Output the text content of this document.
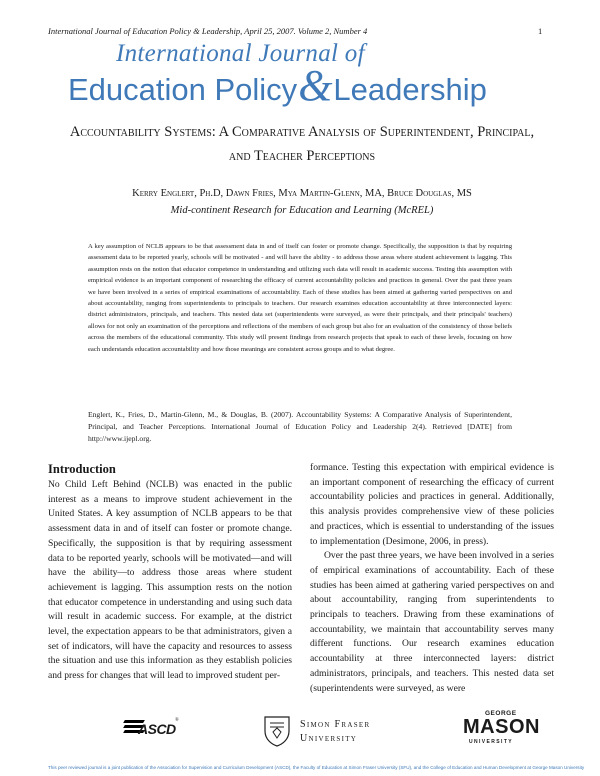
International Journal of Education Policy & Leadership, April 25, 2007. Volume 2, Number 4	1
International Journal of
Education Policy&Leadership
Accountability Systems: A Comparative Analysis of Superintendent, Principal,
and Teacher Perceptions
Kerry Englert, Ph.D, Dawn Fries, Mya Martin-Glenn, MA, Bruce Douglas, MS
Mid-continent Research for Education and Learning (McREL)
A key assumption of NCLB appears to be that assessment data in and of itself can foster or promote change. Specifically, the supposition is that by requiring assessment data to be reported yearly, schools will be motivated - and will have the ability - to address those areas where student achievement is lagging. This assumption rests on the notion that educator competence in understanding and utilizing such data will result in academic success. Testing this assumption with empirical evidence is an important component of researching the efficacy of current accountability policies and practices in general. Over the past three years we have been involved in a series of empirical examinations of accountability. Each of these studies has been aimed at gathering varied perspectives on and about accountability, ranging from superintendents to principals to teachers. Our research examines education accountability at three interconnected layers: district administrators, principals, and teachers. This nested data set (superintendents were surveyed, as were their principals, and their principals' teachers) allows for not only an examination of the perceptions and reflections of the members of each group but also for an evaluation of the consistency of those beliefs across the members of the educational community. This study will present findings from research projects that speak to each of these levels, focusing on how each understands education accountability and how those meanings are consistent across groups and to what degree.
Englert, K., Fries, D., Martin-Glenn, M., & Douglas, B. (2007). Accountability Systems: A Comparative Analysis of Superintendent, Principal, and Teacher Perceptions. International Journal of Education Policy and Leadership 2(4). Retrieved [DATE] from http://www.ijepl.org.
Introduction

No Child Left Behind (NCLB) was enacted in the public interest as a means to improve student achievement in the United States. A key assumption of NCLB appears to be that assessment data in and of itself can foster or promote change. Specifically, the supposition is that by requiring assessment data to be reported yearly, schools will be motivated—and will have the ability—to address those areas where student achievement is lagging. This assumption rests on the notion that educator competence in understanding and using such data will result in academic success. For example, at the district level, the expectation appears to be that administrators, given a set of indicators, will have the capacity and resources to assess the situation and use this information as they establish policies and press for changes that will lead to improved student per-

formance. Testing this expectation with empirical evidence is an important component of researching the efficacy of current accountability policies and practices in general. Additionally, this analysis provides comprehensive view of these policies and practices, which is essential to understanding of the issues to implementation (Desimone, 2006, in press).

Over the past three years, we have been involved in a series of empirical examinations of accountability. Each of these studies has been aimed at gathering varied perspectives on and about accountability, ranging from superintendents to principals to teachers. Drawing from these examinations of accountability, we maintain that accountability serves many different functions. Our research examines education accountability at three interconnected layers: district administrators, principals, and teachers. This nested data set (superintendents were surveyed, as were

ASCD
®	Simon Fraser
University
GEORGE
MASON
UNIVERSITY
This peer reviewed journal is a joint publication of the Association for Supervision and Curriculum Development (ASCD), the Faculty of Education at Simon Fraser University (SFU), and the College of Education and Human Development at George Mason University
